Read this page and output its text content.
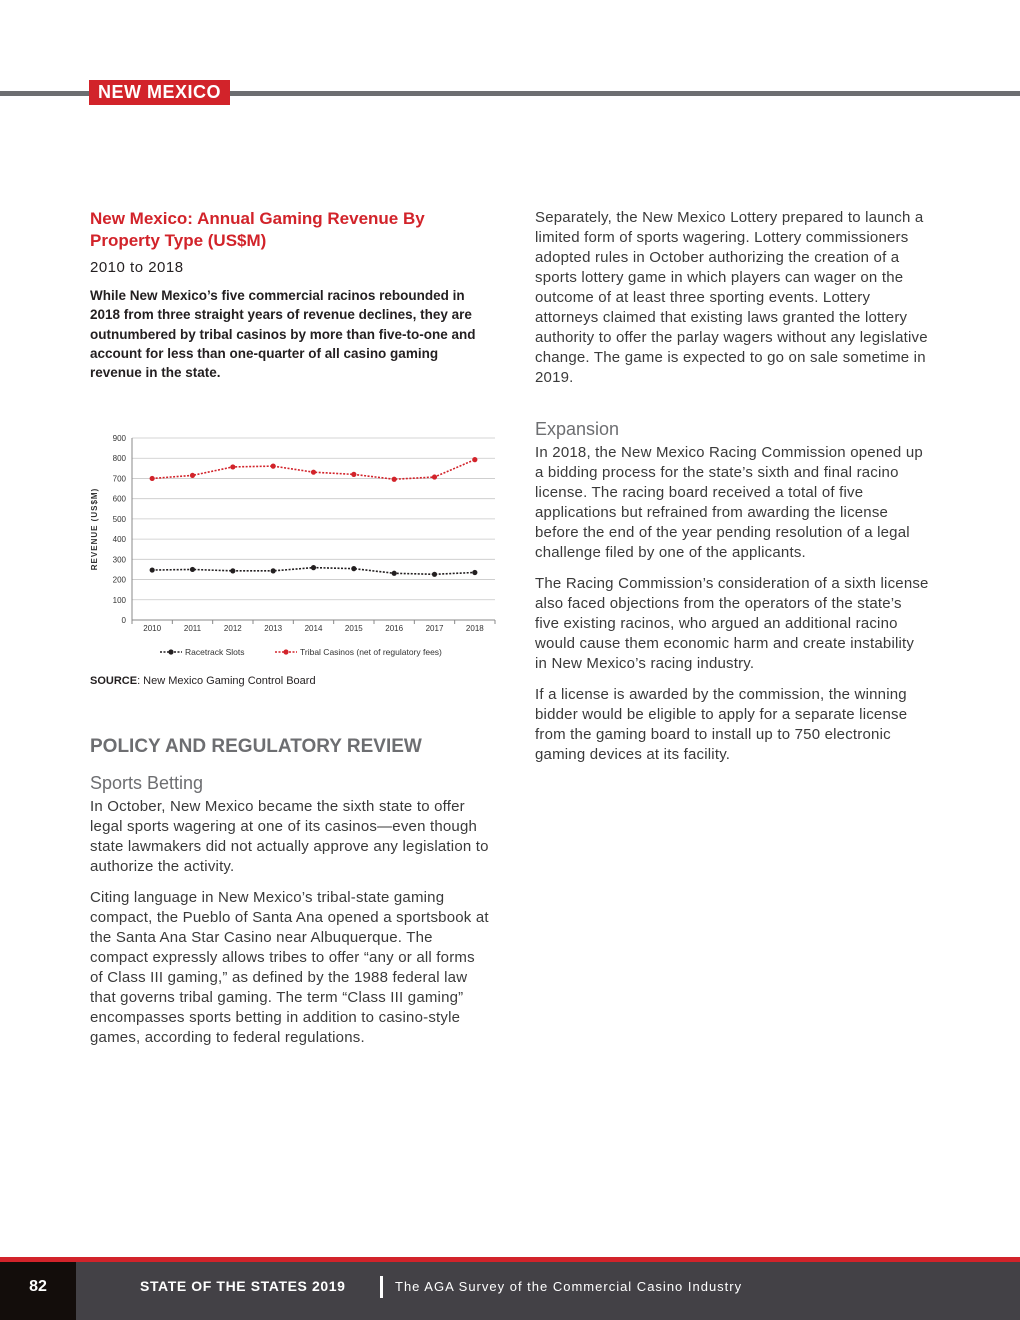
NEW MEXICO
New Mexico: Annual Gaming Revenue By Property Type (US$M)
2010 to 2018
While New Mexico’s five commercial racinos rebounded in 2018 from three straight years of revenue declines, they are outnumbered by tribal casinos by more than five-to-one and account for less than one-quarter of all casino gaming revenue in the state.
POLICY AND REGULATORY REVIEW
Sports Betting

In October, New Mexico became the sixth state to offer legal sports wagering at one of its casinos—even though state lawmakers did not actually approve any legislation to authorize the activity.

Citing language in New Mexico’s tribal-state gaming compact, the Pueblo of Santa Ana opened a sportsbook at the Santa Ana Star Casino near Albuquerque. The compact expressly allows tribes to offer “any or all forms of Class III gaming,” as defined by the 1988 federal law that governs tribal gaming. The term “Class III gaming” encompasses sports betting in addition to casino-style games, according to federal regulations.

0
100
200
300
400
500
600
700
800
900
2010	2011	2012	2013	2014	2015	2016	2017	2018
REVENUE (US$M)
Racetrack Slots	Tribal Casinos (net of regulatory fees)
SOURCE: New Mexico Gaming Control Board

Separately, the New Mexico Lottery prepared to launch a limited form of sports wagering. Lottery commissioners adopted rules in October authorizing the creation of a sports lottery game in which players can wager on the outcome of at least three sporting events. Lottery attorneys claimed that existing laws granted the lottery authority to offer the parlay wagers without any legislative change. The game is expected to go on sale sometime in 2019.

Expansion

In 2018, the New Mexico Racing Commission opened up a bidding process for the state’s sixth and final racino license. The racing board received a total of five applications but refrained from awarding the license before the end of the year pending resolution of a legal challenge filed by one of the applicants.

The Racing Commission’s consideration of a sixth license also faced objections from the operators of the state’s five existing racinos, who argued an additional racino would cause them economic harm and create instability in New Mexico’s racing industry.

If a license is awarded by the commission, the winning bidder would be eligible to apply for a separate license from the gaming board to install up to 750 electronic gaming devices at its facility.

82	STATE OF THE STATES 2019	The AGA Survey of the Commercial Casino Industry
